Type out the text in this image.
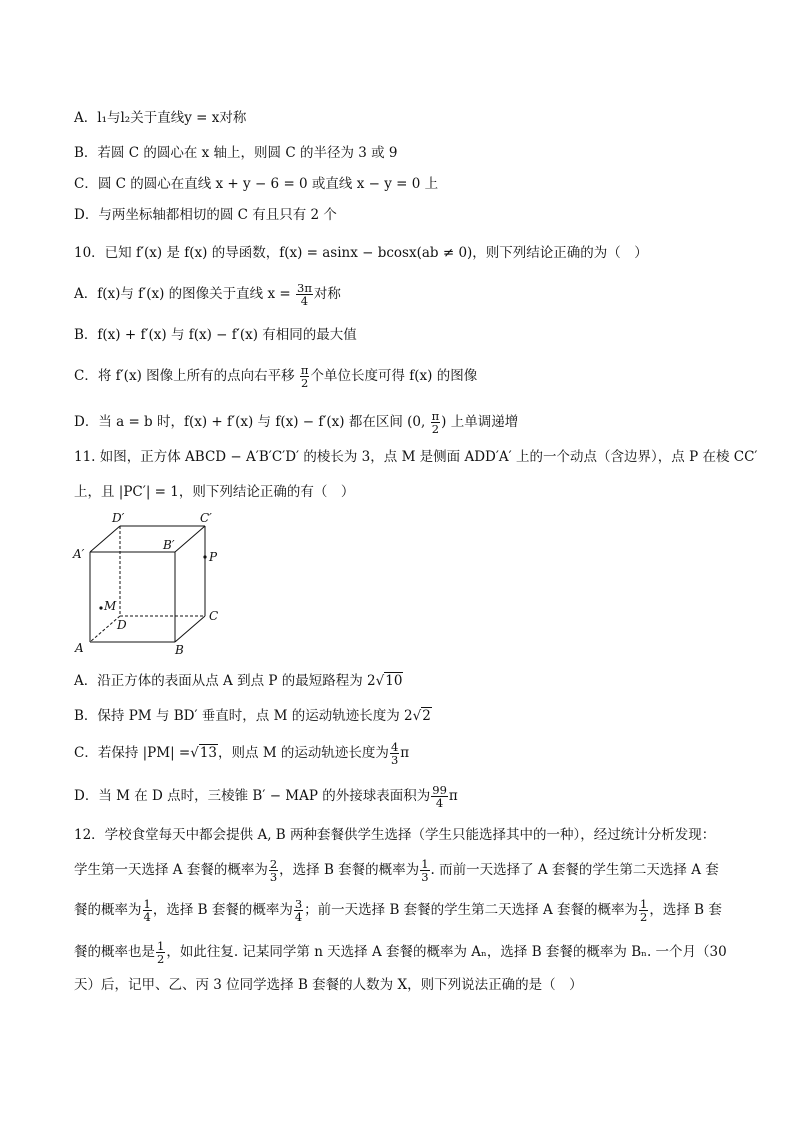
A．l₁与l₂关于直线y = x对称
B．若圆 C 的圆心在 x 轴上，则圆 C 的半径为 3 或 9
C．圆 C 的圆心在直线 x + y − 6 = 0 或直线 x − y = 0 上
D．与两坐标轴都相切的圆 C 有且只有 2 个
10．已知 f′(x) 是 f(x) 的导函数，f(x) = asinx − bcosx(ab ≠ 0)，则下列结论正确的为（　）
A．f(x)与 f′(x) 的图像关于直线 $x = \frac{3\pi}{4}$ 对称
B．f(x) + f′(x) 与 f(x) − f′(x) 有相同的最大值
C．将 f′(x) 图像上所有的点向右平移 $\frac{\pi}{2}$ 个单位长度可得 f(x) 的图像
D．当 a = b 时，f(x) + f′(x) 与 f(x) − f′(x) 都在区间 (0, $\frac{\pi}{2}$ ) 上单调递增
11. 如图，正方体 ABCD − A′B′C′D′ 的棱长为 3，点 M 是侧面 ADD′A′ 上的一个动点（含边界），点 P 在棱 CC′
上，且 |PC′| = 1，则下列结论正确的有（　）
D′	C′
A′
B′
P
M
D
C
A	B
A．沿正方体的表面从点 A 到点 P 的最短路程为 2√10
B．保持 PM 与 BD′ 垂直时，点 M 的运动轨迹长度为 2√2
C．若保持 |PM| =√13，则点 M 的运动轨迹长度为 $\frac{4}{3}$ π
D．当 M 在 D 点时，三棱锥 B′ − MAP 的外接球表面积为 $\frac{99}{4}$ π
12．学校食堂每天中都会提供 A, B 两种套餐供学生选择（学生只能选择其中的一种），经过统计分析发现：
学生第一天选择 A 套餐的概率为 $\frac{2}{3}$ ，选择 B 套餐的概率为 $\frac{1}{3}$ . 而前一天选择了 A 套餐的学生第二天选择 A 套
餐的概率为 $\frac{1}{4}$ ，选择 B 套餐的概率为 $\frac{3}{4}$ ；前一天选择 B 套餐的学生第二天选择 A 套餐的概率为 $\frac{1}{2}$ ，选择 B 套
餐的概率也是 $\frac{1}{2}$ ，如此往复. 记某同学第 n 天选择 A 套餐的概率为 Aₙ，选择 B 套餐的概率为 Bₙ. 一个月（30
天）后，记甲、乙、丙 3 位同学选择 B 套餐的人数为 X，则下列说法正确的是（　）
